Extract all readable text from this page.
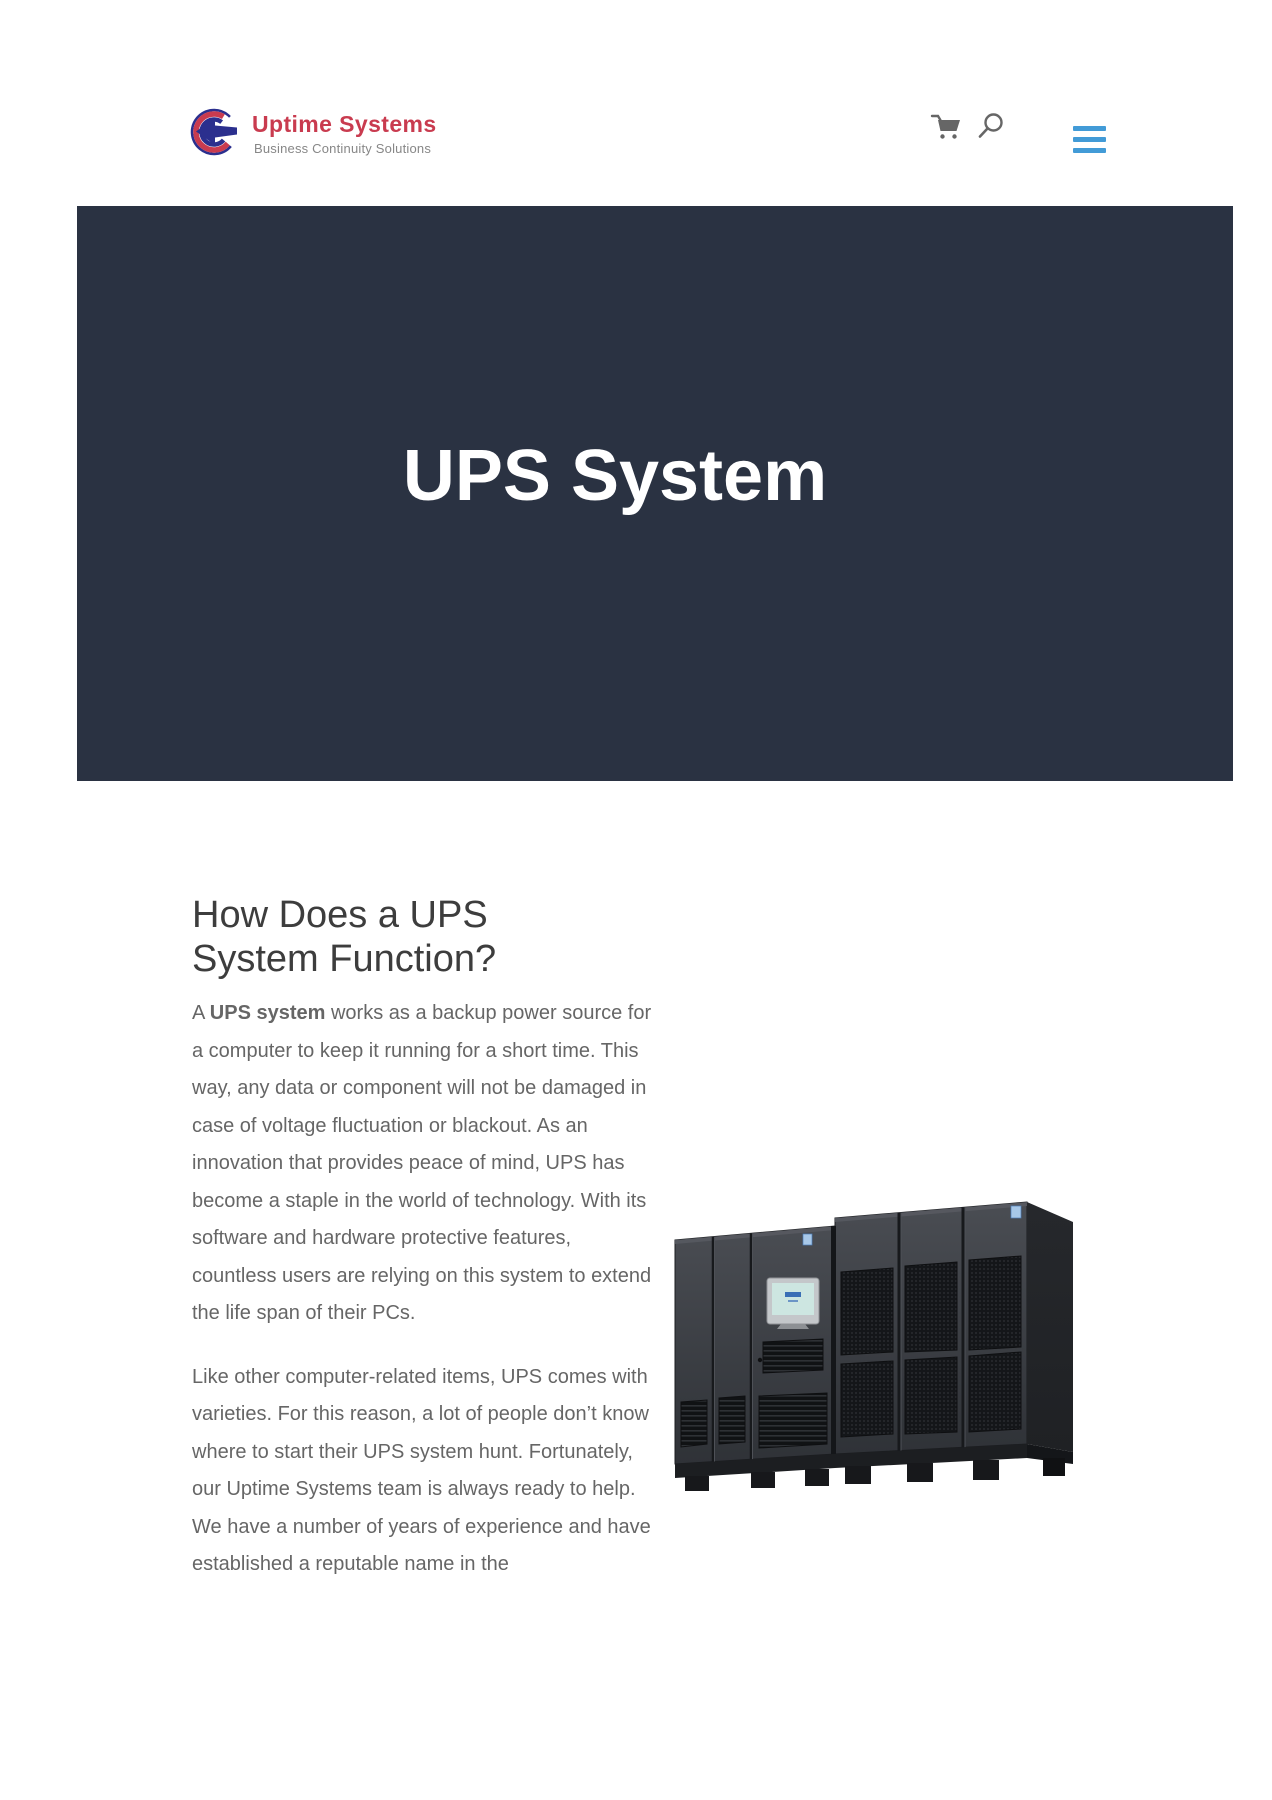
Uptime Systems
Business Continuity Solutions
UPS System
How Does a UPS System Function?

A UPS system works as a backup power source for a computer to keep it running for a short time. This way, any data or component will not be damaged in case of voltage fluctuation or blackout. As an innovation that provides peace of mind, UPS has become a staple in the world of technology. With its software and hardware protective features, countless users are relying on this system to extend the life span of their PCs.

Like other computer-related items, UPS comes with varieties. For this reason, a lot of people don’t know where to start their UPS system hunt. Fortunately, our Uptime Systems team is always ready to help. We have a number of years of experience and have established a reputable name in the
